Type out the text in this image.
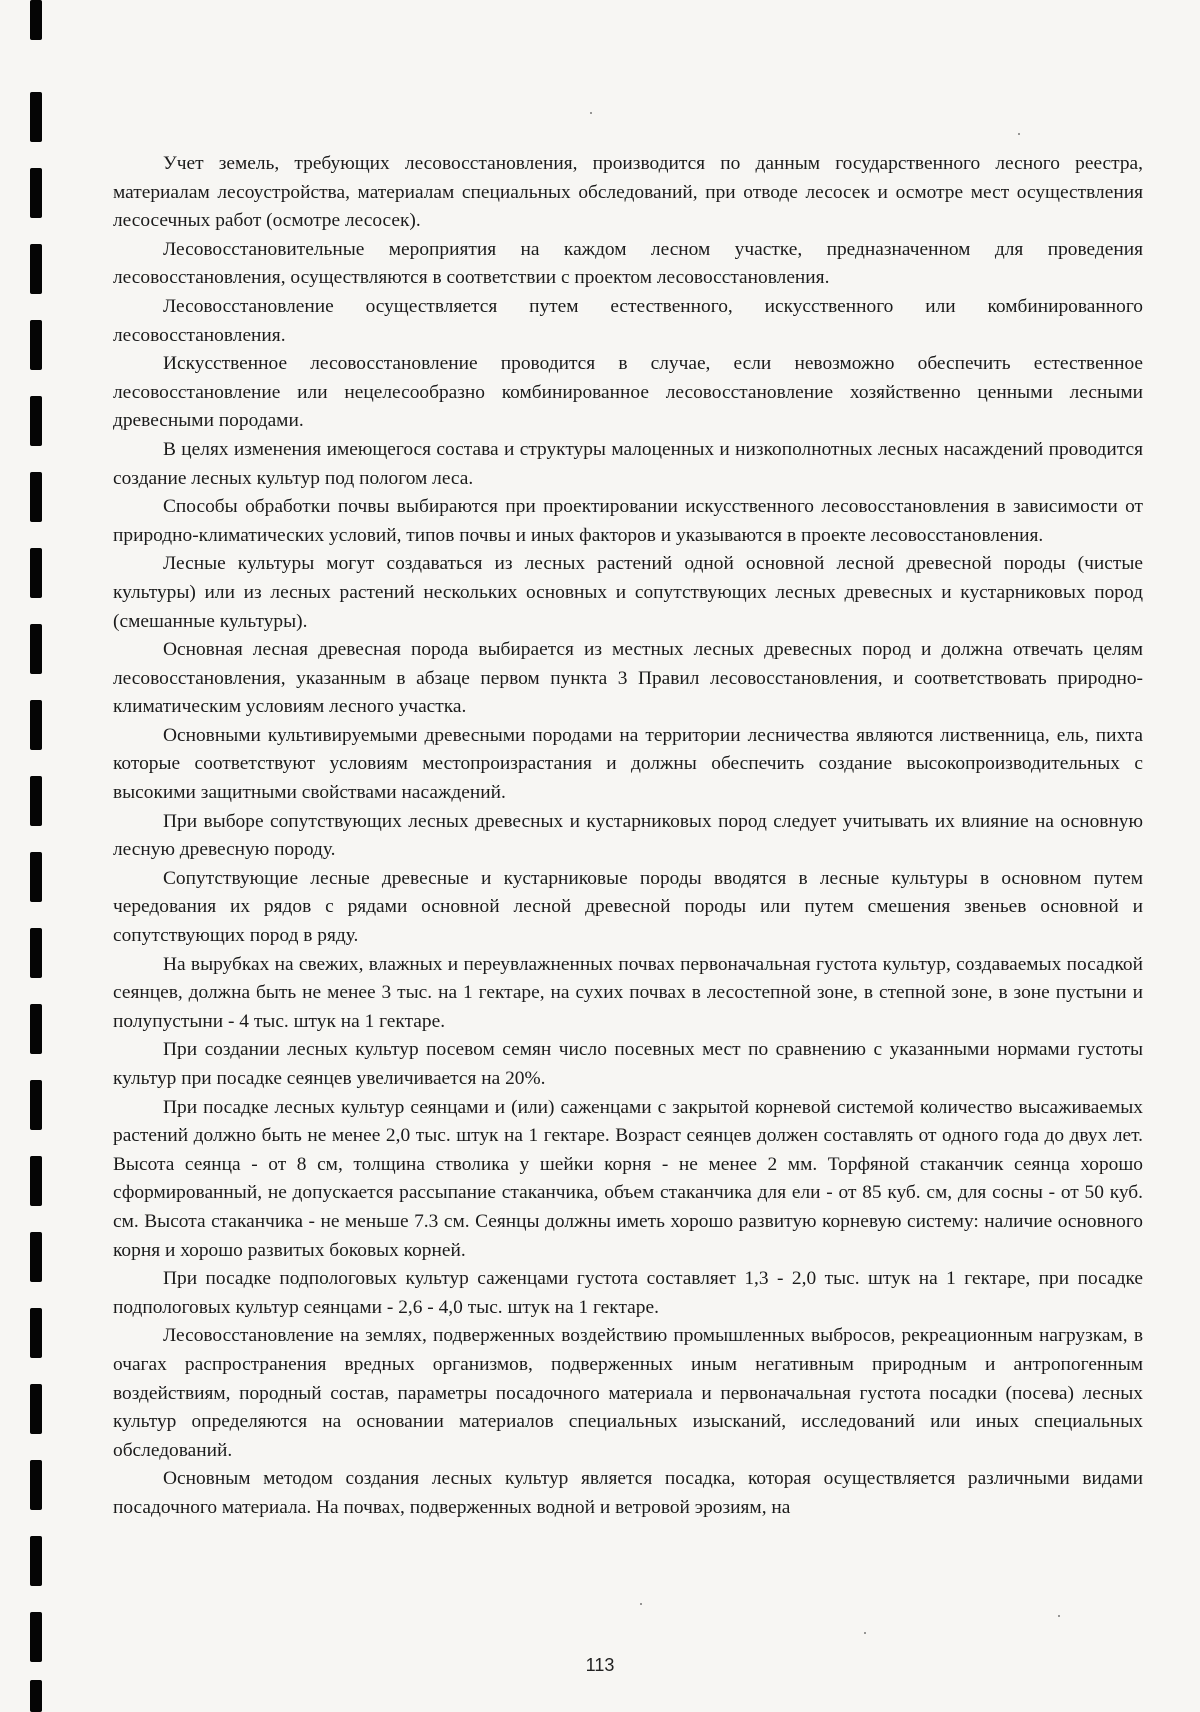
Учет земель, требующих лесовосстановления, производится по данным государственного лесного реестра, материалам лесоустройства, материалам специальных обследований, при отводе лесосек и осмотре мест осуществления лесосечных работ (осмотре лесосек).

Лесовосстановительные мероприятия на каждом лесном участке, предназначенном для проведения лесовосстановления, осуществляются в соответствии с проектом лесовосстановления.

Лесовосстановление осуществляется путем естественного, искусственного или комбинированного лесовосстановления.

Искусственное лесовосстановление проводится в случае, если невозможно обеспечить естественное лесовосстановление или нецелесообразно комбинированное лесовосстановление хозяйственно ценными лесными древесными породами.

В целях изменения имеющегося состава и структуры малоценных и низкополнотных лесных насаждений проводится создание лесных культур под пологом леса.

Способы обработки почвы выбираются при проектировании искусственного лесовосстановления в зависимости от природно-климатических условий, типов почвы и иных факторов и указываются в проекте лесовосстановления.

Лесные культуры могут создаваться из лесных растений одной основной лесной древесной породы (чистые культуры) или из лесных растений нескольких основных и сопутствующих лесных древесных и кустарниковых пород (смешанные культуры).

Основная лесная древесная порода выбирается из местных лесных древесных пород и должна отвечать целям лесовосстановления, указанным в абзаце первом пункта 3 Правил лесовосстановления, и соответствовать природно-климатическим условиям лесного участка.

Основными культивируемыми древесными породами на территории лесничества являются лиственница, ель, пихта которые соответствуют условиям местопроизрастания и должны обеспечить создание высокопроизводительных с высокими защитными свойствами насаждений.

При выборе сопутствующих лесных древесных и кустарниковых пород следует учитывать их влияние на основную лесную древесную породу.

Сопутствующие лесные древесные и кустарниковые породы вводятся в лесные культуры в основном путем чередования их рядов с рядами основной лесной древесной породы или путем смешения звеньев основной и сопутствующих пород в ряду.

На вырубках на свежих, влажных и переувлажненных почвах первоначальная густота культур, создаваемых посадкой сеянцев, должна быть не менее 3 тыс. на 1 гектаре, на сухих почвах в лесостепной зоне, в степной зоне, в зоне пустыни и полупустыни - 4 тыс. штук на 1 гектаре.

При создании лесных культур посевом семян число посевных мест по сравнению с указанными нормами густоты культур при посадке сеянцев увеличивается на 20%.

При посадке лесных культур сеянцами и (или) саженцами с закрытой корневой системой количество высаживаемых растений должно быть не менее 2,0 тыс. штук на 1 гектаре. Возраст сеянцев должен составлять от одного года до двух лет. Высота сеянца - от 8 см, толщина стволика у шейки корня - не менее 2 мм. Торфяной стаканчик сеянца хорошо сформированный, не допускается рассыпание стаканчика, объем стаканчика для ели - от 85 куб. см, для сосны - от 50 куб. см. Высота стаканчика - не меньше 7.3 см. Сеянцы должны иметь хорошо развитую корневую систему: наличие основного корня и хорошо развитых боковых корней.

При посадке подпологовых культур саженцами густота составляет 1,3 - 2,0 тыс. штук на 1 гектаре, при посадке подпологовых культур сеянцами - 2,6 - 4,0 тыс. штук на 1 гектаре.

Лесовосстановление на землях, подверженных воздействию промышленных выбросов, рекреационным нагрузкам, в очагах распространения вредных организмов, подверженных иным негативным природным и антропогенным воздействиям, породный состав, параметры посадочного материала и первоначальная густота посадки (посева) лесных культур определяются на основании материалов специальных изысканий, исследований или иных специальных обследований.

Основным методом создания лесных культур является посадка, которая осуществляется различными видами посадочного материала. На почвах, подверженных водной и ветровой эрозиям, на

113
